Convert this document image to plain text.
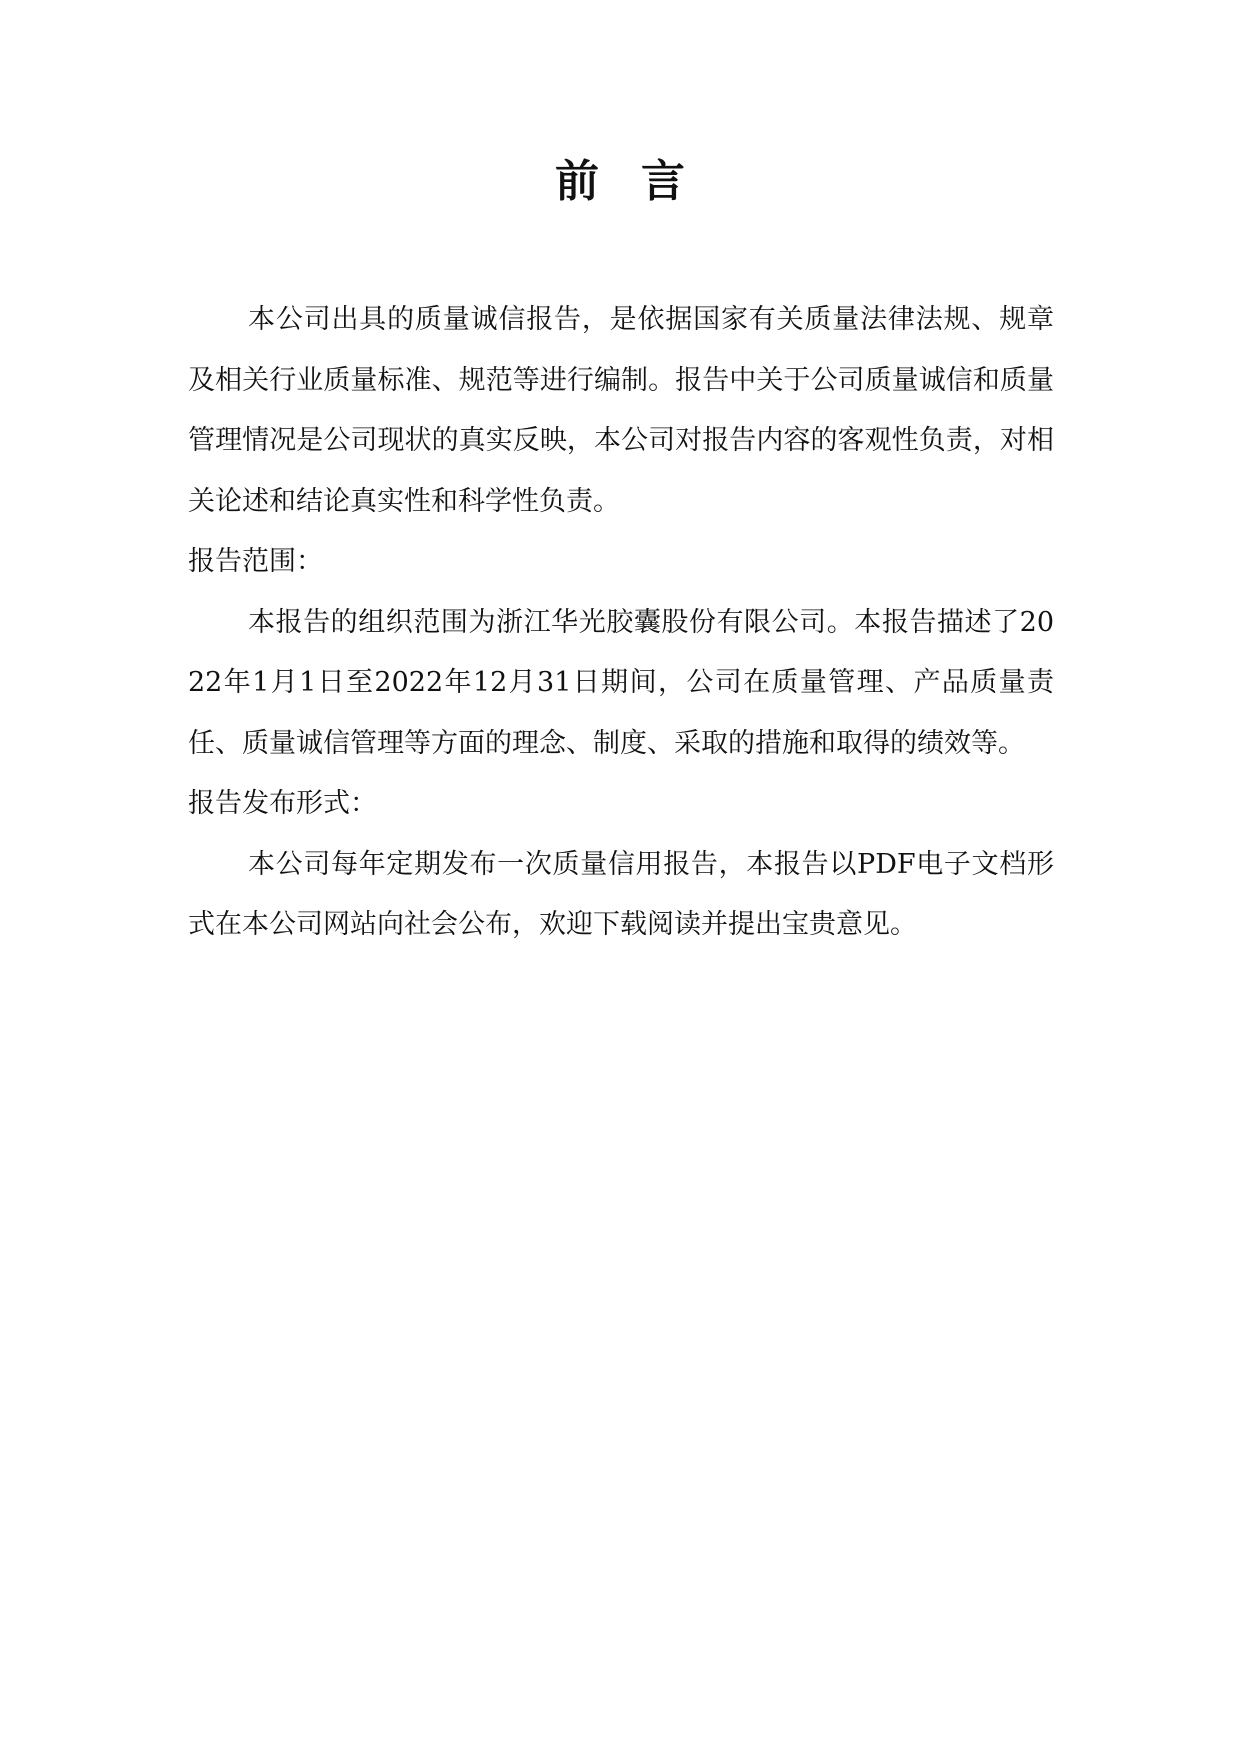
前言

本公司出具的质量诚信报告，是依据国家有关质量法律法规、规章及相关行业质量标准、规范等进行编制。报告中关于公司质量诚信和质量管理情况是公司现状的真实反映，本公司对报告内容的客观性负责，对相关论述和结论真实性和科学性负责。

报告范围：

本报告的组织范围为浙江华光胶囊股份有限公司。本报告描述了2022年1月1日至2022年12月31日期间，公司在质量管理、产品质量责任、质量诚信管理等方面的理念、制度、采取的措施和取得的绩效等。

报告发布形式：

本公司每年定期发布一次质量信用报告，本报告以PDF电子文档形式在本公司网站向社会公布，欢迎下载阅读并提出宝贵意见。
